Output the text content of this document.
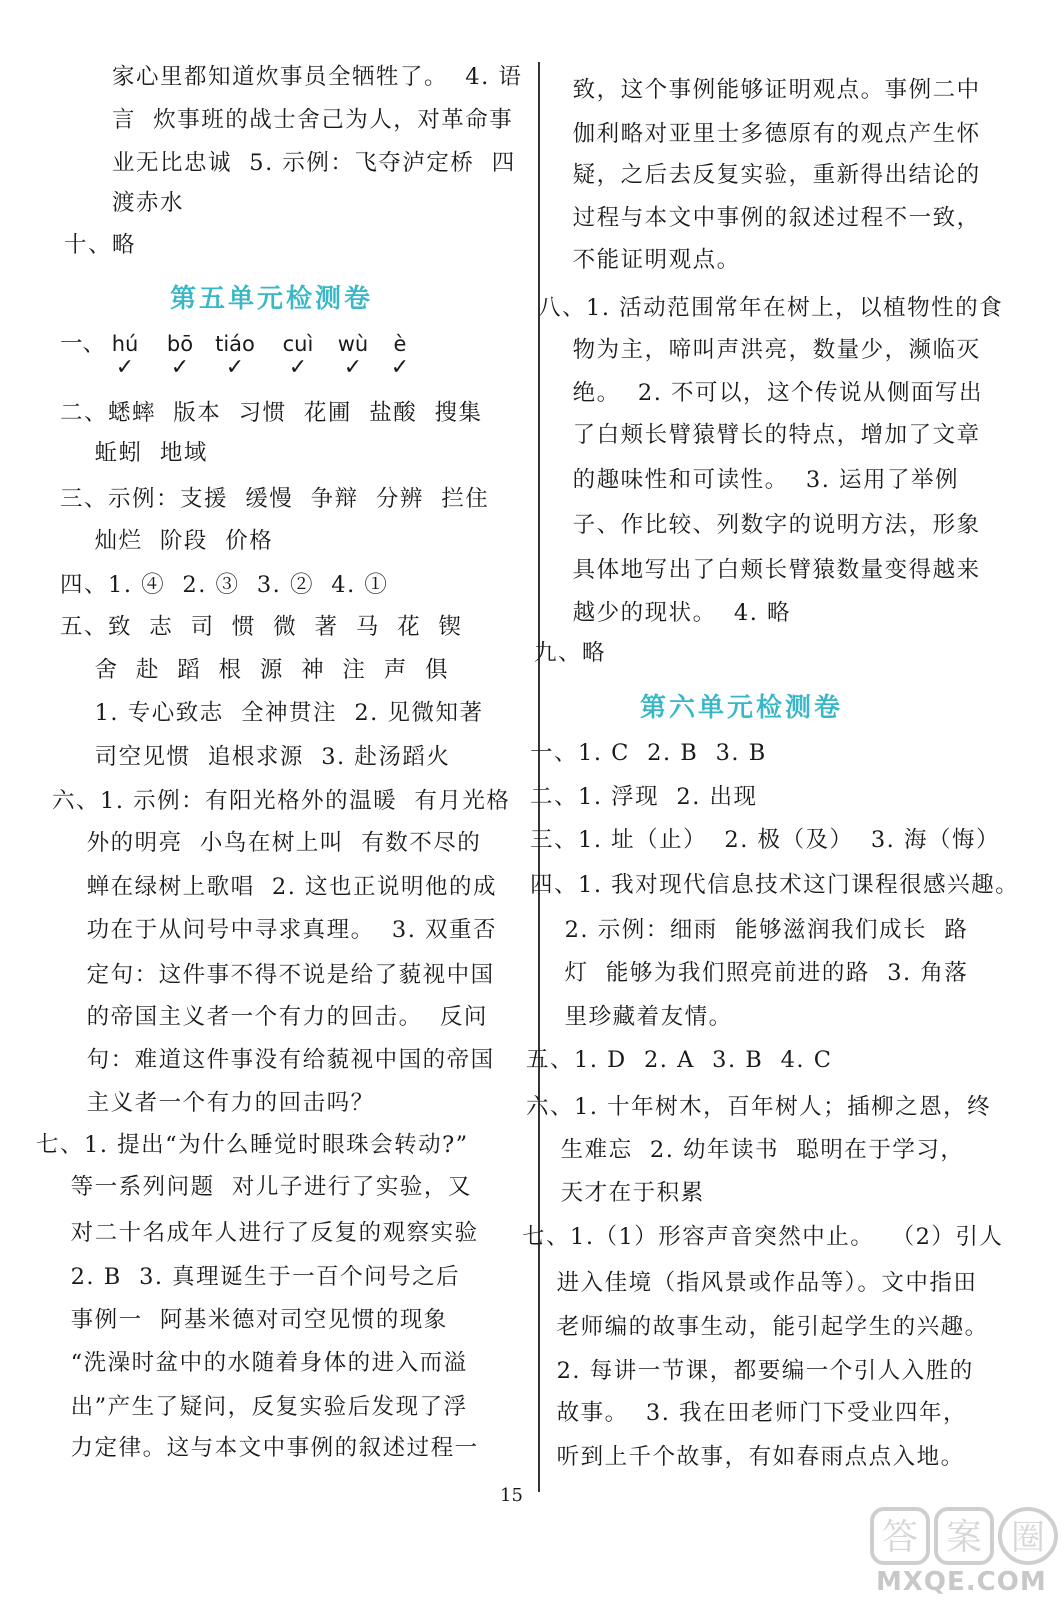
家心里都知道炊事员全牺牲了。  4. 语
言  炊事班的战士舍己为人，对革命事
业无比忠诚  5. 示例：飞夺泸定桥  四
渡赤水
十、略
第五单元检测卷
一、 hú
✓
bō
✓
tiáo
✓
cuì
✓
wù
✓
è
✓
二、蟋蟀  版本  习惯  花圃  盐酸  搜集
蚯蚓  地域
三、示例：支援  缓慢  争辩  分辨  拦住
灿烂  阶段  价格
四、1. ④  2. ③  3. ②  4. ①
五、致  志  司  惯  微  著  马  花  锲
舍  赴  蹈  根  源  神  注  声  俱
1. 专心致志  全神贯注  2. 见微知著
司空见惯  追根求源  3. 赴汤蹈火
六、1. 示例：有阳光格外的温暖  有月光格
外的明亮  小鸟在树上叫  有数不尽的
蝉在绿树上歌唱  2. 这也正说明他的成
功在于从问号中寻求真理。  3. 双重否
定句：这件事不得不说是给了藐视中国
的帝国主义者一个有力的回击。  反问
句：难道这件事没有给藐视中国的帝国
主义者一个有力的回击吗？
七、1. 提出“为什么睡觉时眼珠会转动?”
等一系列问题  对儿子进行了实验，又
对二十名成年人进行了反复的观察实验
2. B  3. 真理诞生于一百个问号之后
事例一  阿基米德对司空见惯的现象
“洗澡时盆中的水随着身体的进入而溢
出”产生了疑问，反复实验后发现了浮
力定律。这与本文中事例的叙述过程一
致，这个事例能够证明观点。事例二中
伽利略对亚里士多德原有的观点产生怀
疑，之后去反复实验，重新得出结论的
过程与本文中事例的叙述过程不一致，
不能证明观点。
八、1. 活动范围常年在树上，以植物性的食
物为主，啼叫声洪亮，数量少，濒临灭
绝。  2. 不可以，这个传说从侧面写出
了白颊长臂猿臂长的特点，增加了文章
的趣味性和可读性。  3. 运用了举例
子、作比较、列数字的说明方法，形象
具体地写出了白颊长臂猿数量变得越来
越少的现状。  4. 略
九、略
第六单元检测卷
一、1. C  2. B  3. B
二、1. 浮现  2. 出现
三、1. 址（止）  2. 极（及）  3. 海（悔）
四、1. 我对现代信息技术这门课程很感兴趣。
2. 示例：细雨  能够滋润我们成长  路
灯  能够为我们照亮前进的路  3. 角落
里珍藏着友情。
五、1. D  2. A  3. B  4. C
六、1. 十年树木，百年树人；插柳之恩，终
生难忘  2. 幼年读书  聪明在于学习，
天才在于积累
七、1.（1）形容声音突然中止。  （2）引人
进入佳境（指风景或作品等）。文中指田
老师编的故事生动，能引起学生的兴趣。
2. 每讲一节课，都要编一个引人入胜的
故事。  3. 我在田老师门下受业四年，
听到上千个故事，有如春雨点点入地。
15
答 案 圈
MXQE.COM
